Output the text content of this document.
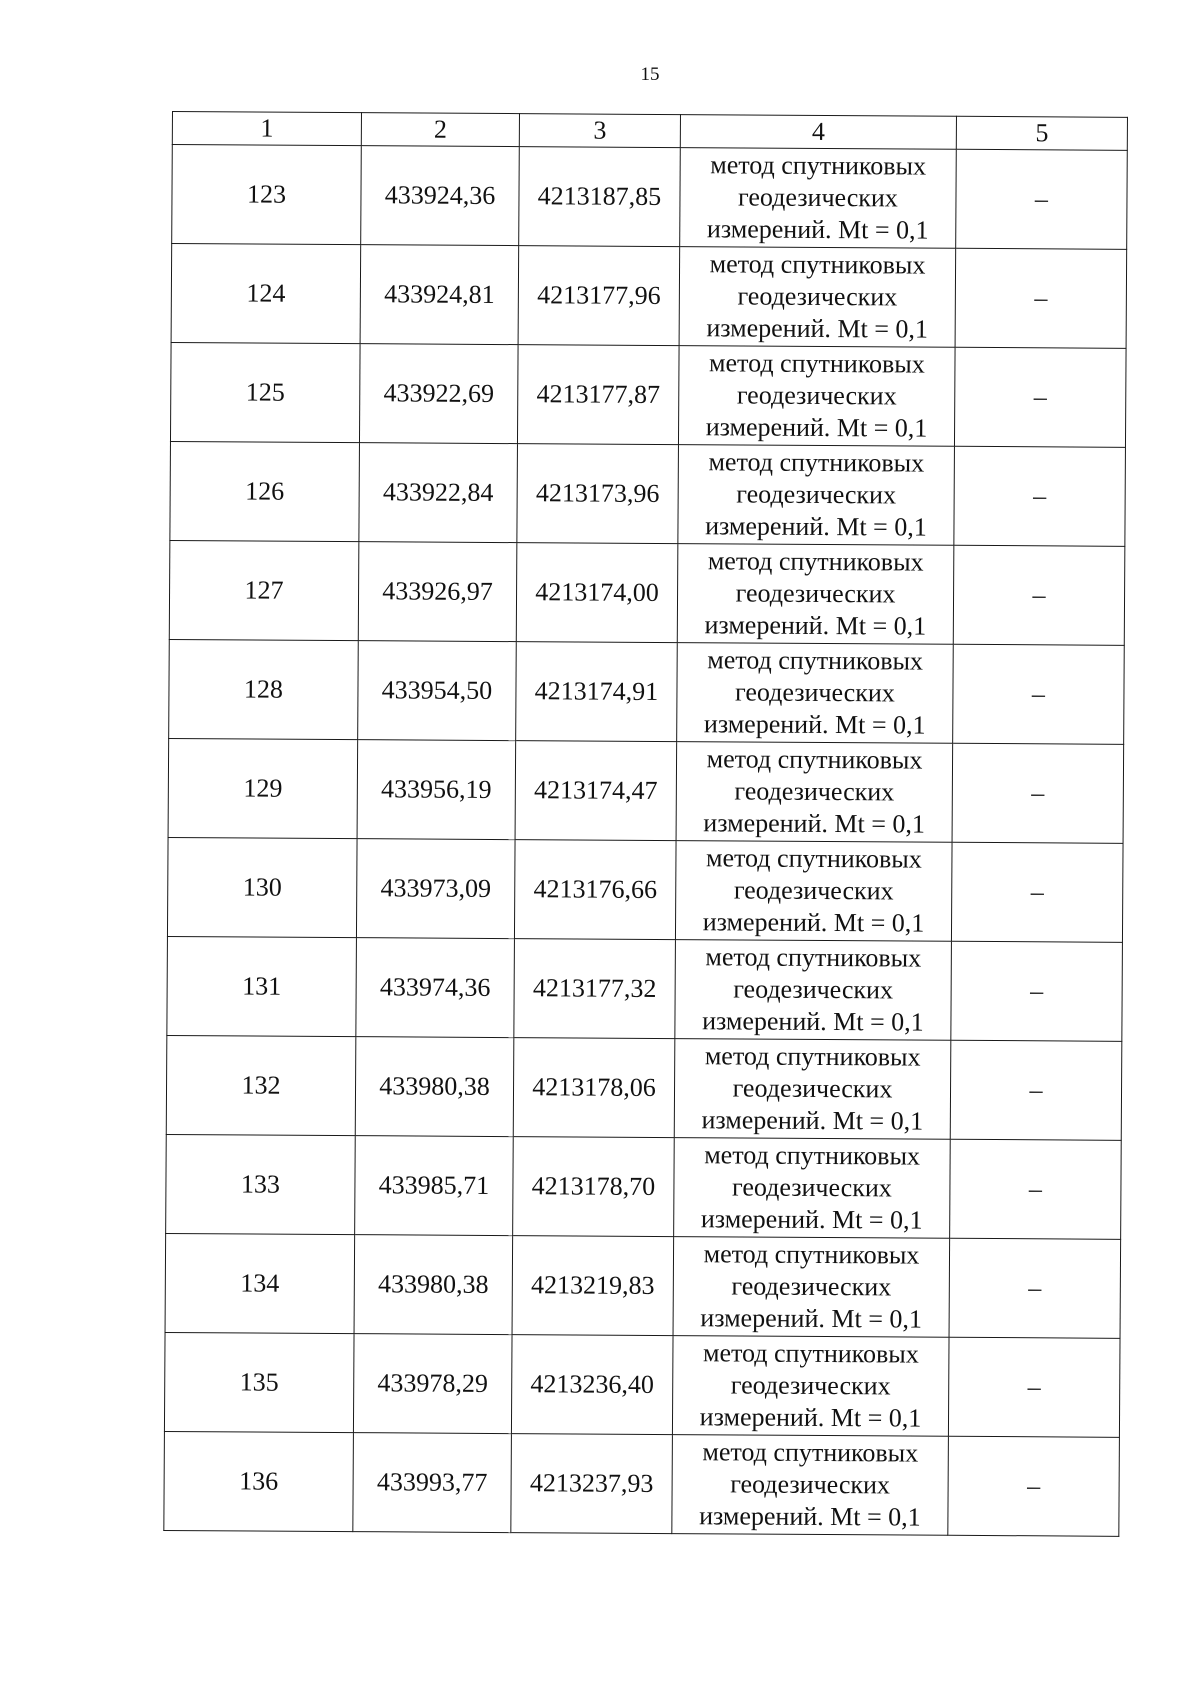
15
1	2	3	4	5
123	433924,36	4213187,85	метод спутниковых
геодезических
измерений. Mt = 0,1	–
124	433924,81	4213177,96	метод спутниковых
геодезических
измерений. Mt = 0,1	–
125	433922,69	4213177,87	метод спутниковых
геодезических
измерений. Mt = 0,1	–
126	433922,84	4213173,96	метод спутниковых
геодезических
измерений. Mt = 0,1	–
127	433926,97	4213174,00	метод спутниковых
геодезических
измерений. Mt = 0,1	–
128	433954,50	4213174,91	метод спутниковых
геодезических
измерений. Mt = 0,1	–
129	433956,19	4213174,47	метод спутниковых
геодезических
измерений. Mt = 0,1	–
130	433973,09	4213176,66	метод спутниковых
геодезических
измерений. Mt = 0,1	–
131	433974,36	4213177,32	метод спутниковых
геодезических
измерений. Mt = 0,1	–
132	433980,38	4213178,06	метод спутниковых
геодезических
измерений. Mt = 0,1	–
133	433985,71	4213178,70	метод спутниковых
геодезических
измерений. Mt = 0,1	–
134	433980,38	4213219,83	метод спутниковых
геодезических
измерений. Mt = 0,1	–
135	433978,29	4213236,40	метод спутниковых
геодезических
измерений. Mt = 0,1	–
136	433993,77	4213237,93	метод спутниковых
геодезических
измерений. Mt = 0,1	–
